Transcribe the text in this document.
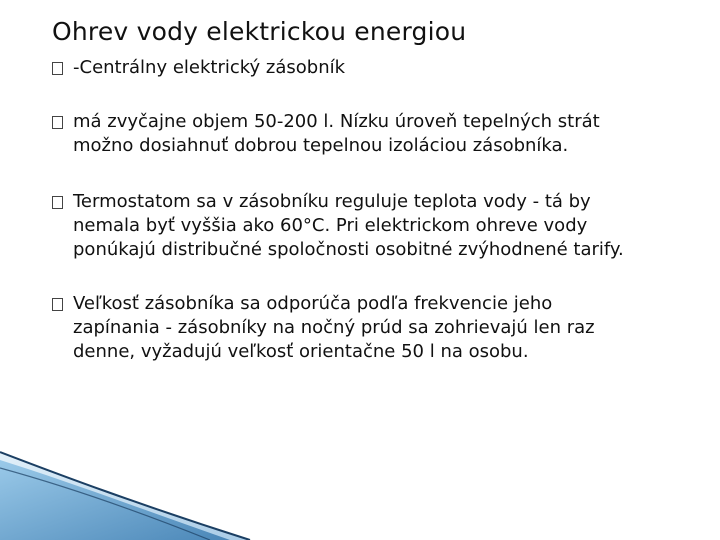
Ohrev vody elektrickou energiou
-Centrálny elektrický zásobník
má zvyčajne objem 50-200 l. Nízku úroveň tepelných strát
možno dosiahnuť dobrou tepelnou izoláciou zásobníka.
Termostatom sa v zásobníku reguluje teplota vody - tá by
nemala byť vyššia ako 60°C. Pri elektrickom ohreve vody
ponúkajú distribučné spoločnosti osobitné zvýhodnené tarify.
Veľkosť zásobníka sa odporúča podľa frekvencie jeho
zapínania - zásobníky na nočný prúd sa zohrievajú len raz
denne, vyžadujú veľkosť orientačne 50 l na osobu.
